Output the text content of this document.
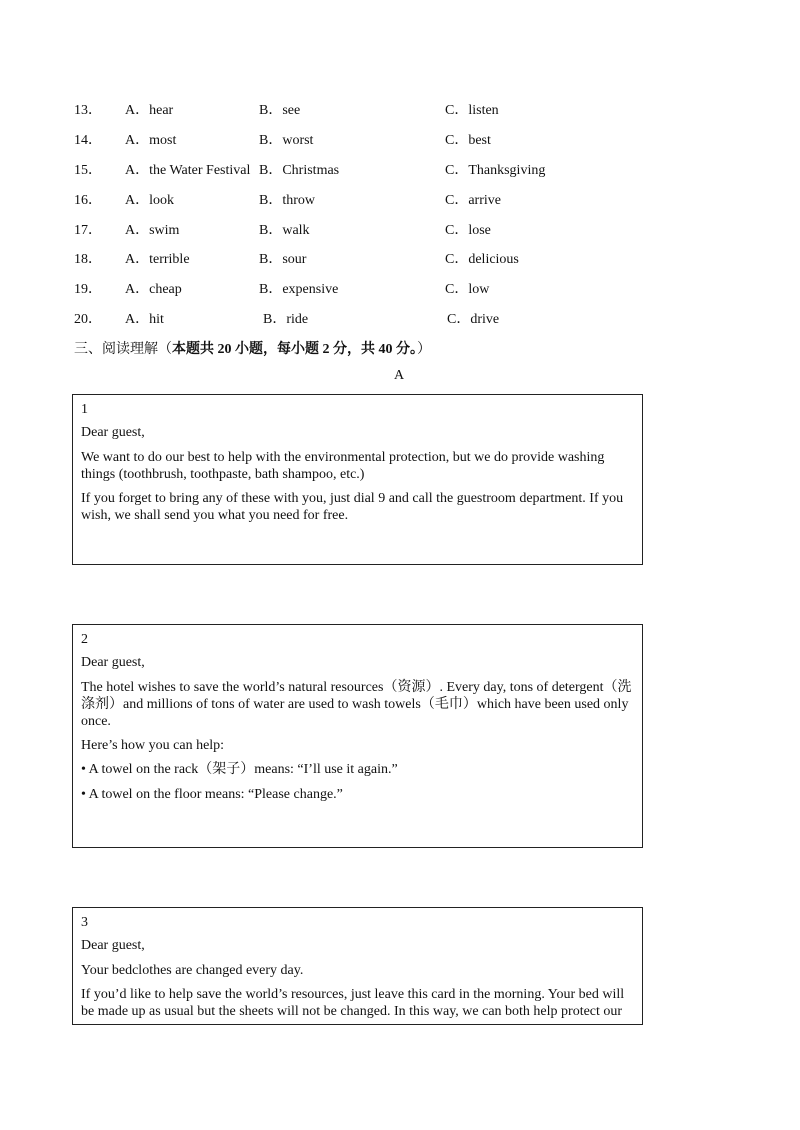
13． A．hear	B．see	C．listen
14． A．most	B．worst	C．best
15． A．the Water Festival B．Christmas	C．Thanksgiving
16． A．look	B．throw	C．arrive
17． A．swim	B．walk	C．lose
18． A．terrible	B．sour	C．delicious
19． A．cheap	B．expensive	C．low
20． A．hit	B．ride	C．drive
三、阅读理解（本题共 20 小题，每小题 2 分，共 40 分。）
A

1

Dear guest,

We want to do our best to help with the environmental protection, but we do provide washing things (toothbrush, toothpaste, bath shampoo, etc.)

If you forget to bring any of these with you, just dial 9 and call the guestroom department. If you wish, we shall send you what you need for free.

2

Dear guest,

The hotel wishes to save the world’s natural resources（资源）. Every day, tons of detergent（洗涤剂）and millions of tons of water are used to wash towels（毛巾）which have been used only once.

Here’s how you can help:

• A towel on the rack（架子）means: “I’ll use it again.”

• A towel on the floor means: “Please change.”

3

Dear guest,

Your bedclothes are changed every day.

If you’d like to help save the world’s resources, just leave this card in the morning. Your bed will be made up as usual but the sheets will not be changed. In this way, we can both help protect our
